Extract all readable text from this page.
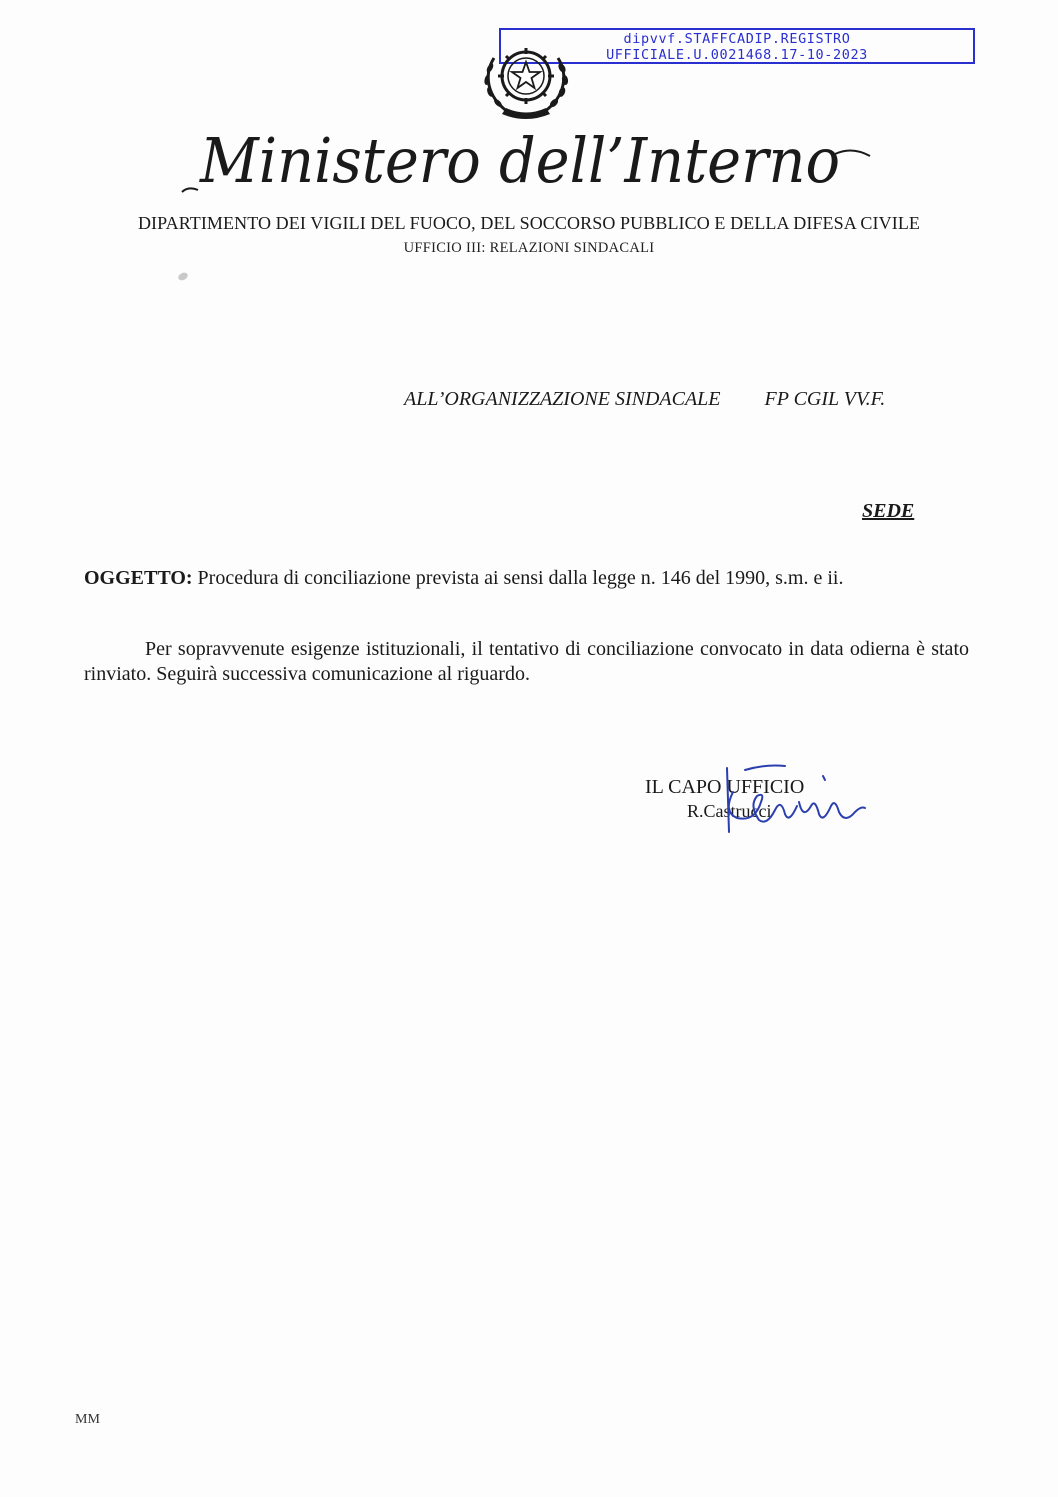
dipvvf.STAFFCADIP.REGISTRO
UFFICIALE.U.0021468.17-10-2023
Ministero dell’Interno
DIPARTIMENTO DEI VIGILI DEL FUOCO, DEL SOCCORSO PUBBLICO E DELLA DIFESA CIVILE
UFFICIO III: RELAZIONI SINDACALI
ALL’ORGANIZZAZIONE SINDACALE FP CGIL VV.F.
SEDE
OGGETTO: Procedura di conciliazione prevista ai sensi dalla legge n. 146 del 1990, s.m. e ii.
Per sopravvenute esigenze istituzionali, il tentativo di conciliazione convocato in data odierna è stato rinviato. Seguirà successiva comunicazione al riguardo.
IL CAPO UFFICIO
R.Castrucci
MM
